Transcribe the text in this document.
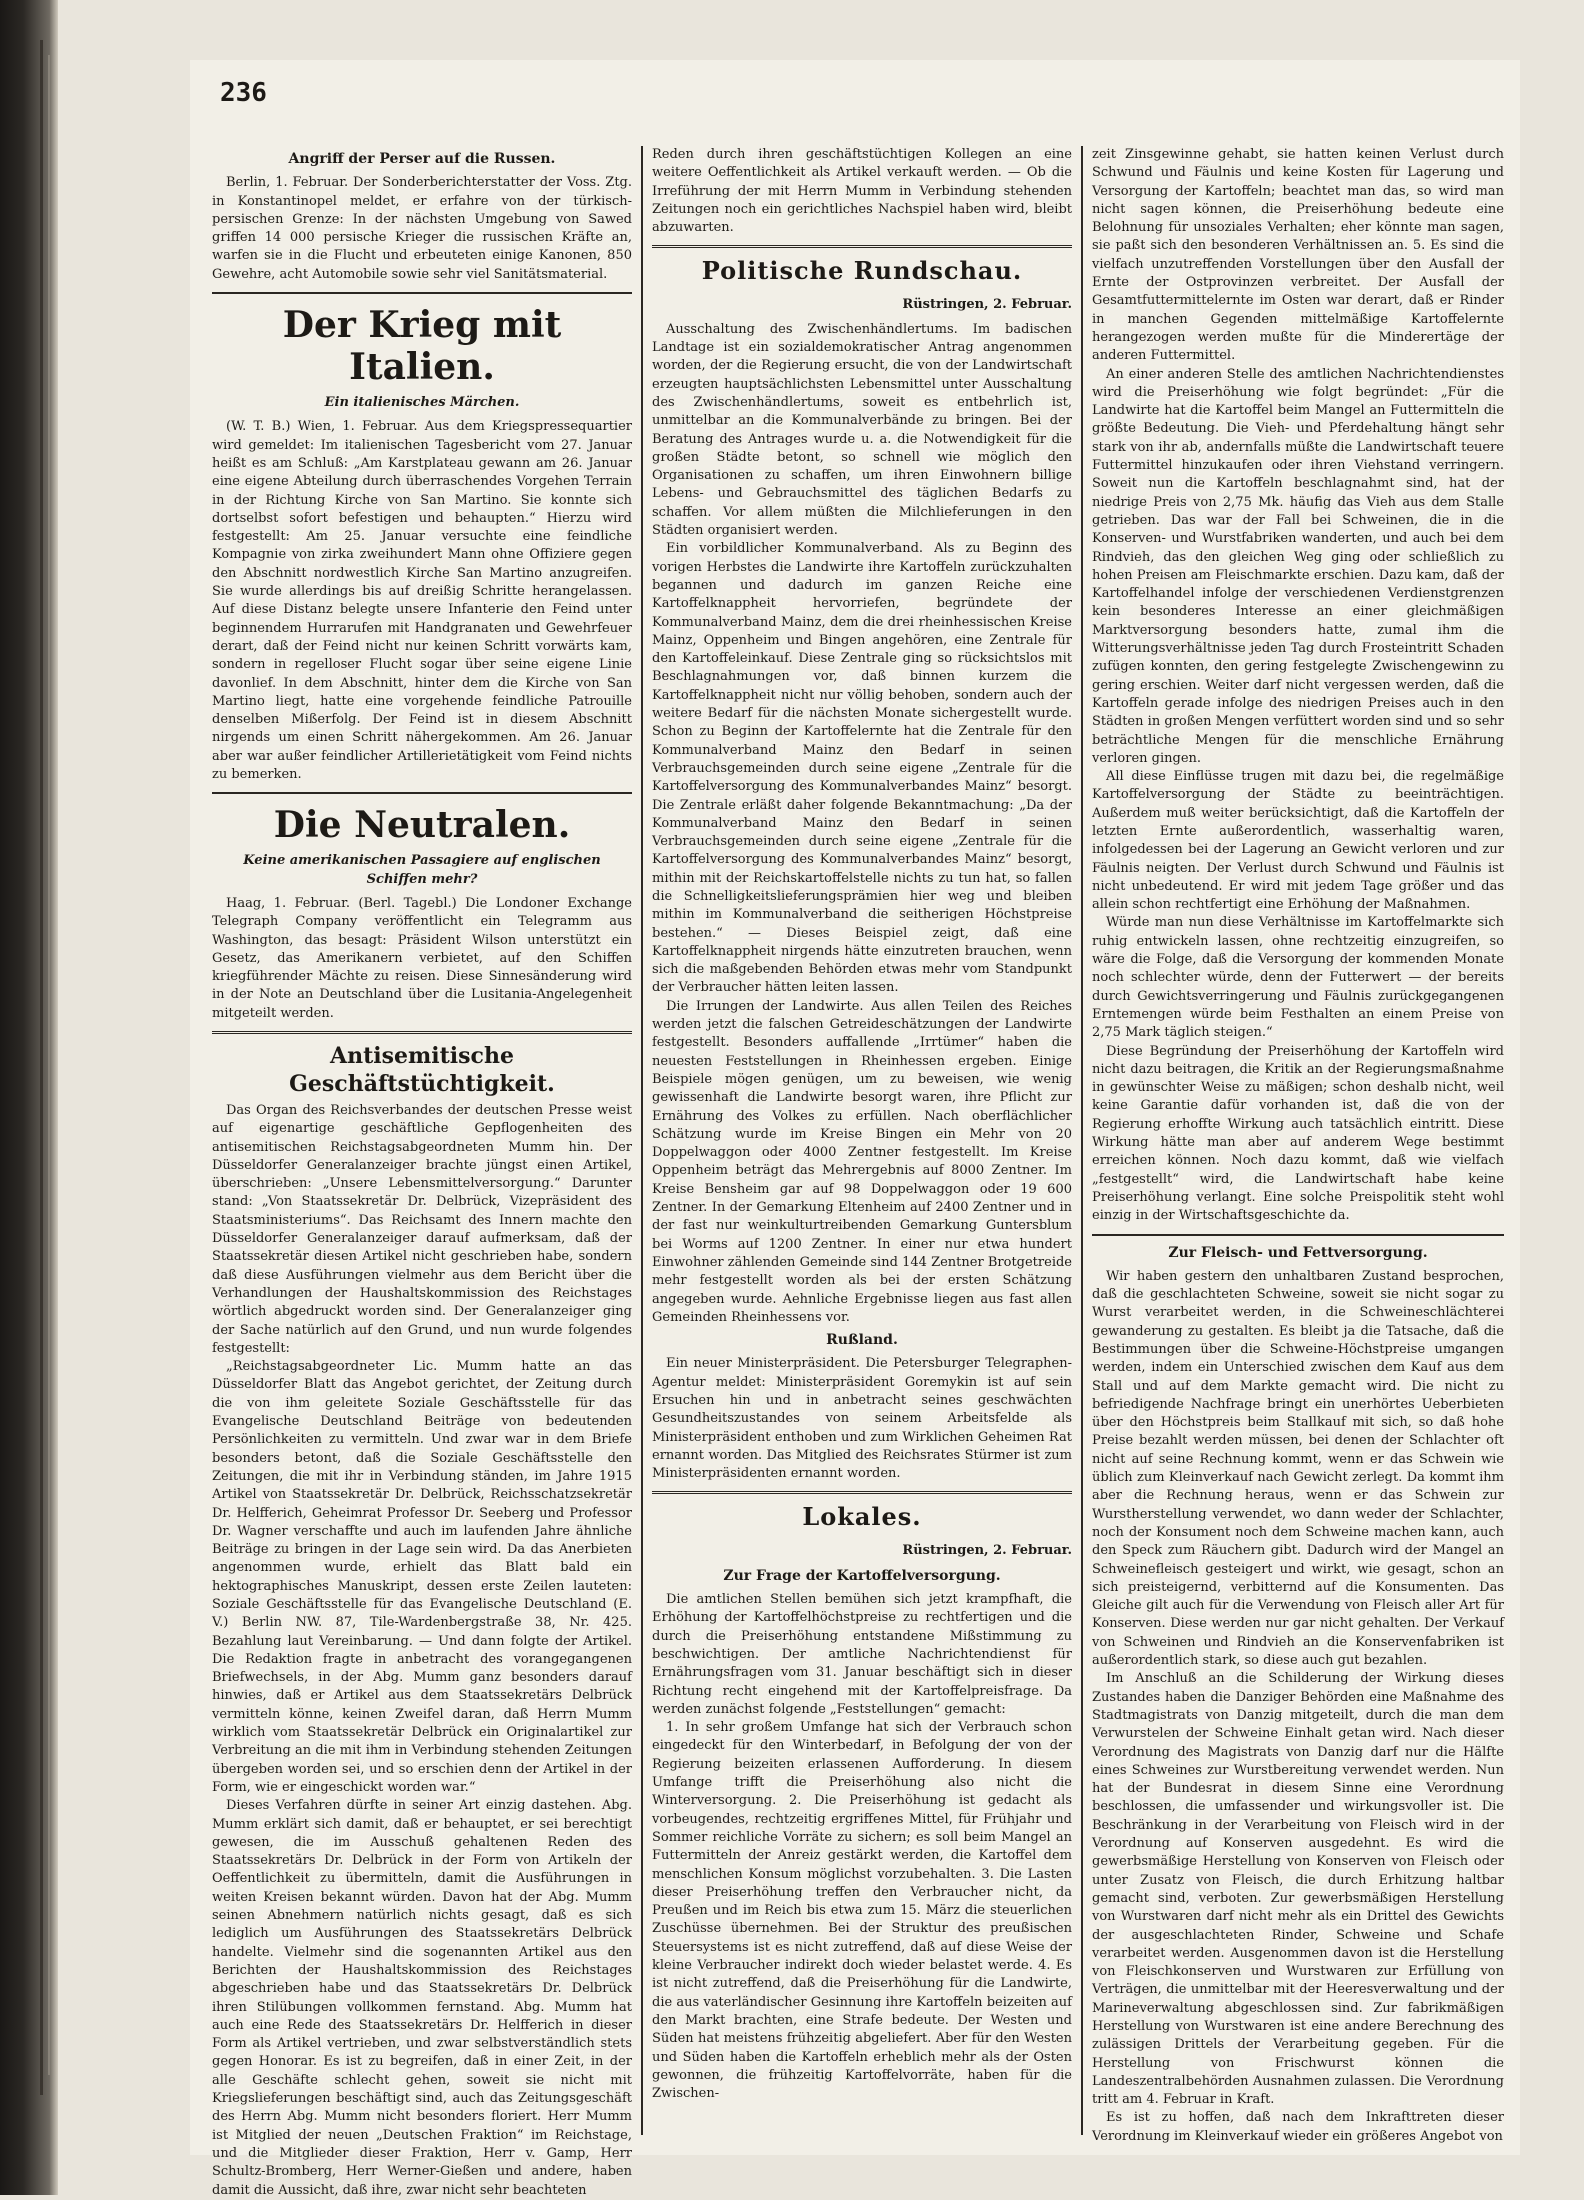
236
Angriff der Perser auf die Russen.

Berlin, 1. Februar. Der Sonderberichterstatter der Voss. Ztg. in Konstantinopel meldet, er erfahre von der türkisch-persischen Grenze: In der nächsten Umgebung von Sawed griffen 14 000 persische Krieger die russischen Kräfte an, warfen sie in die Flucht und erbeuteten einige Kanonen, 850 Gewehre, acht Automobile sowie sehr viel Sanitätsmaterial.

Der Krieg mit Italien.
Ein italienisches Märchen.

(W. T. B.) Wien, 1. Februar. Aus dem Kriegspressequartier wird gemeldet: Im italienischen Tagesbericht vom 27. Januar heißt es am Schluß: „Am Karstplateau gewann am 26. Januar eine eigene Abteilung durch überraschendes Vorgehen Terrain in der Richtung Kirche von San Martino. Sie konnte sich dortselbst sofort befestigen und behaupten.“ Hierzu wird festgestellt: Am 25. Januar versuchte eine feindliche Kompagnie von zirka zweihundert Mann ohne Offiziere gegen den Abschnitt nordwestlich Kirche San Martino anzugreifen. Sie wurde allerdings bis auf dreißig Schritte herangelassen. Auf diese Distanz belegte unsere Infanterie den Feind unter beginnendem Hurrarufen mit Handgranaten und Gewehrfeuer derart, daß der Feind nicht nur keinen Schritt vorwärts kam, sondern in regelloser Flucht sogar über seine eigene Linie davonlief. In dem Abschnitt, hinter dem die Kirche von San Martino liegt, hatte eine vorgehende feindliche Patrouille denselben Mißerfolg. Der Feind ist in diesem Abschnitt nirgends um einen Schritt nähergekommen. Am 26. Januar aber war außer feindlicher Artillerietätigkeit vom Feind nichts zu bemerken.

Die Neutralen.
Keine amerikanischen Passagiere auf englischen Schiffen mehr?

Haag, 1. Februar. (Berl. Tagebl.) Die Londoner Exchange Telegraph Company veröffentlicht ein Telegramm aus Washington, das besagt: Präsident Wilson unterstützt ein Gesetz, das Amerikanern verbietet, auf den Schiffen kriegführender Mächte zu reisen. Diese Sinnesänderung wird in der Note an Deutschland über die Lusitania-Angelegenheit mitgeteilt werden.

Antisemitische Geschäftstüchtigkeit.

Das Organ des Reichsverbandes der deutschen Presse weist auf eigenartige geschäftliche Gepflogenheiten des antisemitischen Reichstagsabgeordneten Mumm hin. Der Düsseldorfer Generalanzeiger brachte jüngst einen Artikel, überschrieben: „Unsere Lebensmittelversorgung.“ Darunter stand: „Von Staatssekretär Dr. Delbrück, Vizepräsident des Staatsministeriums“. Das Reichsamt des Innern machte den Düsseldorfer Generalanzeiger darauf aufmerksam, daß der Staatssekretär diesen Artikel nicht geschrieben habe, sondern daß diese Ausführungen vielmehr aus dem Bericht über die Verhandlungen der Haushaltskommission des Reichstages wörtlich abgedruckt worden sind. Der Generalanzeiger ging der Sache natürlich auf den Grund, und nun wurde folgendes festgestellt:

„Reichstagsabgeordneter Lic. Mumm hatte an das Düsseldorfer Blatt das Angebot gerichtet, der Zeitung durch die von ihm geleitete Soziale Geschäftsstelle für das Evangelische Deutschland Beiträge von bedeutenden Persönlichkeiten zu vermitteln. Und zwar war in dem Briefe besonders betont, daß die Soziale Geschäftsstelle den Zeitungen, die mit ihr in Verbindung ständen, im Jahre 1915 Artikel von Staatssekretär Dr. Delbrück, Reichsschatzsekretär Dr. Helfferich, Geheimrat Professor Dr. Seeberg und Professor Dr. Wagner verschaffte und auch im laufenden Jahre ähnliche Beiträge zu bringen in der Lage sein wird. Da das Anerbieten angenommen wurde, erhielt das Blatt bald ein hektographisches Manuskript, dessen erste Zeilen lauteten: Soziale Geschäftsstelle für das Evangelische Deutschland (E. V.) Berlin NW. 87, Tile-Wardenbergstraße 38, Nr. 425. Bezahlung laut Vereinbarung. — Und dann folgte der Artikel. Die Redaktion fragte in anbetracht des vorangegangenen Briefwechsels, in der Abg. Mumm ganz besonders darauf hinwies, daß er Artikel aus dem Staatssekretärs Delbrück vermitteln könne, keinen Zweifel daran, daß Herrn Mumm wirklich vom Staatssekretär Delbrück ein Originalartikel zur Verbreitung an die mit ihm in Verbindung stehenden Zeitungen übergeben worden sei, und so erschien denn der Artikel in der Form, wie er eingeschickt worden war.“

Dieses Verfahren dürfte in seiner Art einzig dastehen. Abg. Mumm erklärt sich damit, daß er behauptet, er sei berechtigt gewesen, die im Ausschuß gehaltenen Reden des Staatssekretärs Dr. Delbrück in der Form von Artikeln der Oeffentlichkeit zu übermitteln, damit die Ausführungen in weiten Kreisen bekannt würden. Davon hat der Abg. Mumm seinen Abnehmern natürlich nichts gesagt, daß es sich lediglich um Ausführungen des Staatssekretärs Delbrück handelte. Vielmehr sind die sogenannten Artikel aus den Berichten der Haushaltskommission des Reichstages abgeschrieben habe und das Staatssekretärs Dr. Delbrück ihren Stilübungen vollkommen fernstand. Abg. Mumm hat auch eine Rede des Staatssekretärs Dr. Helfferich in dieser Form als Artikel vertrieben, und zwar selbstverständlich stets gegen Honorar. Es ist zu begreifen, daß in einer Zeit, in der alle Geschäfte schlecht gehen, soweit sie nicht mit Kriegslieferungen beschäftigt sind, auch das Zeitungsgeschäft des Herrn Abg. Mumm nicht besonders floriert. Herr Mumm ist Mitglied der neuen „Deutschen Fraktion“ im Reichstage, und die Mitglieder dieser Fraktion, Herr v. Gamp, Herr Schultz-Bromberg, Herr Werner-Gießen und andere, haben damit die Aussicht, daß ihre, zwar nicht sehr beachteten

Reden durch ihren geschäftstüchtigen Kollegen an eine weitere Oeffentlichkeit als Artikel verkauft werden. — Ob die Irreführung der mit Herrn Mumm in Verbindung stehenden Zeitungen noch ein gerichtliches Nachspiel haben wird, bleibt abzuwarten.

Politische Rundschau.
Rüstringen, 2. Februar.

Ausschaltung des Zwischenhändlertums. Im badischen Landtage ist ein sozialdemokratischer Antrag angenommen worden, der die Regierung ersucht, die von der Landwirtschaft erzeugten hauptsächlichsten Lebensmittel unter Ausschaltung des Zwischenhändlertums, soweit es entbehrlich ist, unmittelbar an die Kommunalverbände zu bringen. Bei der Beratung des Antrages wurde u. a. die Notwendigkeit für die großen Städte betont, so schnell wie möglich den Organisationen zu schaffen, um ihren Einwohnern billige Lebens- und Gebrauchsmittel des täglichen Bedarfs zu schaffen. Vor allem müßten die Milchlieferungen in den Städten organisiert werden.

Ein vorbildlicher Kommunalverband. Als zu Beginn des vorigen Herbstes die Landwirte ihre Kartoffeln zurückzuhalten begannen und dadurch im ganzen Reiche eine Kartoffelknappheit hervorriefen, begründete der Kommunalverband Mainz, dem die drei rheinhessischen Kreise Mainz, Oppenheim und Bingen angehören, eine Zentrale für den Kartoffeleinkauf. Diese Zentrale ging so rücksichtslos mit Beschlagnahmungen vor, daß binnen kurzem die Kartoffelknappheit nicht nur völlig behoben, sondern auch der weitere Bedarf für die nächsten Monate sichergestellt wurde. Schon zu Beginn der Kartoffelernte hat die Zentrale für den Kommunalverband Mainz den Bedarf in seinen Verbrauchsgemeinden durch seine eigene „Zentrale für die Kartoffelversorgung des Kommunalverbandes Mainz“ besorgt. Die Zentrale erläßt daher folgende Bekanntmachung: „Da der Kommunalverband Mainz den Bedarf in seinen Verbrauchsgemeinden durch seine eigene „Zentrale für die Kartoffelversorgung des Kommunalverbandes Mainz“ besorgt, mithin mit der Reichskartoffelstelle nichts zu tun hat, so fallen die Schnelligkeitslieferungsprämien hier weg und bleiben mithin im Kommunalverband die seitherigen Höchstpreise bestehen.“ — Dieses Beispiel zeigt, daß eine Kartoffelknappheit nirgends hätte einzutreten brauchen, wenn sich die maßgebenden Behörden etwas mehr vom Standpunkt der Verbraucher hätten leiten lassen.

Die Irrungen der Landwirte. Aus allen Teilen des Reiches werden jetzt die falschen Getreideschätzungen der Landwirte festgestellt. Besonders auffallende „Irrtümer“ haben die neuesten Feststellungen in Rheinhessen ergeben. Einige Beispiele mögen genügen, um zu beweisen, wie wenig gewissenhaft die Landwirte besorgt waren, ihre Pflicht zur Ernährung des Volkes zu erfüllen. Nach oberflächlicher Schätzung wurde im Kreise Bingen ein Mehr von 20 Doppelwaggon oder 4000 Zentner festgestellt. Im Kreise Oppenheim beträgt das Mehrergebnis auf 8000 Zentner. Im Kreise Bensheim gar auf 98 Doppelwaggon oder 19 600 Zentner. In der Gemarkung Eltenheim auf 2400 Zentner und in der fast nur weinkulturtreibenden Gemarkung Guntersblum bei Worms auf 1200 Zentner. In einer nur etwa hundert Einwohner zählenden Gemeinde sind 144 Zentner Brotgetreide mehr festgestellt worden als bei der ersten Schätzung angegeben wurde. Aehnliche Ergebnisse liegen aus fast allen Gemeinden Rheinhessens vor.

Rußland.

Ein neuer Ministerpräsident. Die Petersburger Telegraphen-Agentur meldet: Ministerpräsident Goremykin ist auf sein Ersuchen hin und in anbetracht seines geschwächten Gesundheitszustandes von seinem Arbeitsfelde als Ministerpräsident enthoben und zum Wirklichen Geheimen Rat ernannt worden. Das Mitglied des Reichsrates Stürmer ist zum Ministerpräsidenten ernannt worden.

Lokales.
Rüstringen, 2. Februar.
Zur Frage der Kartoffelversorgung.

Die amtlichen Stellen bemühen sich jetzt krampfhaft, die Erhöhung der Kartoffelhöchstpreise zu rechtfertigen und die durch die Preiserhöhung entstandene Mißstimmung zu beschwichtigen. Der amtliche Nachrichtendienst für Ernährungsfragen vom 31. Januar beschäftigt sich in dieser Richtung recht eingehend mit der Kartoffelpreisfrage. Da werden zunächst folgende „Feststellungen“ gemacht:

1. In sehr großem Umfange hat sich der Verbrauch schon eingedeckt für den Winterbedarf, in Befolgung der von der Regierung beizeiten erlassenen Aufforderung. In diesem Umfange trifft die Preiserhöhung also nicht die Winterversorgung. 2. Die Preiserhöhung ist gedacht als vorbeugendes, rechtzeitig ergriffenes Mittel, für Frühjahr und Sommer reichliche Vorräte zu sichern; es soll beim Mangel an Futtermitteln der Anreiz gestärkt werden, die Kartoffel dem menschlichen Konsum möglichst vorzubehalten. 3. Die Lasten dieser Preiserhöhung treffen den Verbraucher nicht, da Preußen und im Reich bis etwa zum 15. März die steuerlichen Zuschüsse übernehmen. Bei der Struktur des preußischen Steuersystems ist es nicht zutreffend, daß auf diese Weise der kleine Verbraucher indirekt doch wieder belastet werde. 4. Es ist nicht zutreffend, daß die Preiserhöhung für die Landwirte, die aus vaterländischer Gesinnung ihre Kartoffeln beizeiten auf den Markt brachten, eine Strafe bedeute. Der Westen und Süden hat meistens frühzeitig abgeliefert. Aber für den Westen und Süden haben die Kartoffeln erheblich mehr als der Osten gewonnen, die frühzeitig Kartoffelvorräte, haben für die Zwischen-

zeit Zinsgewinne gehabt, sie hatten keinen Verlust durch Schwund und Fäulnis und keine Kosten für Lagerung und Versorgung der Kartoffeln; beachtet man das, so wird man nicht sagen können, die Preiserhöhung bedeute eine Belohnung für unsoziales Verhalten; eher könnte man sagen, sie paßt sich den besonderen Verhältnissen an. 5. Es sind die vielfach unzutreffenden Vorstellungen über den Ausfall der Ernte der Ostprovinzen verbreitet. Der Ausfall der Gesamtfuttermittelernte im Osten war derart, daß er Rinder in manchen Gegenden mittelmäßige Kartoffelernte herangezogen werden mußte für die Minderertäge der anderen Futtermittel.

An einer anderen Stelle des amtlichen Nachrichtendienstes wird die Preiserhöhung wie folgt begründet: „Für die Landwirte hat die Kartoffel beim Mangel an Futtermitteln die größte Bedeutung. Die Vieh- und Pferdehaltung hängt sehr stark von ihr ab, andernfalls müßte die Landwirtschaft teuere Futtermittel hinzukaufen oder ihren Viehstand verringern. Soweit nun die Kartoffeln beschlagnahmt sind, hat der niedrige Preis von 2,75 Mk. häufig das Vieh aus dem Stalle getrieben. Das war der Fall bei Schweinen, die in die Konserven- und Wurstfabriken wanderten, und auch bei dem Rindvieh, das den gleichen Weg ging oder schließlich zu hohen Preisen am Fleischmarkte erschien. Dazu kam, daß der Kartoffelhandel infolge der verschiedenen Verdienstgrenzen kein besonderes Interesse an einer gleichmäßigen Marktversorgung besonders hatte, zumal ihm die Witterungsverhältnisse jeden Tag durch Frosteintritt Schaden zufügen konnten, den gering festgelegte Zwischengewinn zu gering erschien. Weiter darf nicht vergessen werden, daß die Kartoffeln gerade infolge des niedrigen Preises auch in den Städten in großen Mengen verfüttert worden sind und so sehr beträchtliche Mengen für die menschliche Ernährung verloren gingen.

All diese Einflüsse trugen mit dazu bei, die regelmäßige Kartoffelversorgung der Städte zu beeinträchtigen. Außerdem muß weiter berücksichtigt, daß die Kartoffeln der letzten Ernte außerordentlich, wasserhaltig waren, infolgedessen bei der Lagerung an Gewicht verloren und zur Fäulnis neigten. Der Verlust durch Schwund und Fäulnis ist nicht unbedeutend. Er wird mit jedem Tage größer und das allein schon rechtfertigt eine Erhöhung der Maßnahmen.

Würde man nun diese Verhältnisse im Kartoffelmarkte sich ruhig entwickeln lassen, ohne rechtzeitig einzugreifen, so wäre die Folge, daß die Versorgung der kommenden Monate noch schlechter würde, denn der Futterwert — der bereits durch Gewichtsverringerung und Fäulnis zurückgegangenen Erntemengen würde beim Festhalten an einem Preise von 2,75 Mark täglich steigen.“

Diese Begründung der Preiserhöhung der Kartoffeln wird nicht dazu beitragen, die Kritik an der Regierungsmaßnahme in gewünschter Weise zu mäßigen; schon deshalb nicht, weil keine Garantie dafür vorhanden ist, daß die von der Regierung erhoffte Wirkung auch tatsächlich eintritt. Diese Wirkung hätte man aber auf anderem Wege bestimmt erreichen können. Noch dazu kommt, daß wie vielfach „festgestellt“ wird, die Landwirtschaft habe keine Preiserhöhung verlangt. Eine solche Preispolitik steht wohl einzig in der Wirtschaftsgeschichte da.

Zur Fleisch- und Fettversorgung.

Wir haben gestern den unhaltbaren Zustand besprochen, daß die geschlachteten Schweine, soweit sie nicht sogar zu Wurst verarbeitet werden, in die Schweineschlächterei gewanderung zu gestalten. Es bleibt ja die Tatsache, daß die Bestimmungen über die Schweine-Höchstpreise umgangen werden, indem ein Unterschied zwischen dem Kauf aus dem Stall und auf dem Markte gemacht wird. Die nicht zu befriedigende Nachfrage bringt ein unerhörtes Ueberbieten über den Höchstpreis beim Stallkauf mit sich, so daß hohe Preise bezahlt werden müssen, bei denen der Schlachter oft nicht auf seine Rechnung kommt, wenn er das Schwein wie üblich zum Kleinverkauf nach Gewicht zerlegt. Da kommt ihm aber die Rechnung heraus, wenn er das Schwein zur Wurstherstellung verwendet, wo dann weder der Schlachter, noch der Konsument noch dem Schweine machen kann, auch den Speck zum Räuchern gibt. Dadurch wird der Mangel an Schweinefleisch gesteigert und wirkt, wie gesagt, schon an sich preisteigernd, verbitternd auf die Konsumenten. Das Gleiche gilt auch für die Verwendung von Fleisch aller Art für Konserven. Diese werden nur gar nicht gehalten. Der Verkauf von Schweinen und Rindvieh an die Konservenfabriken ist außerordentlich stark, so diese auch gut bezahlen.

Im Anschluß an die Schilderung der Wirkung dieses Zustandes haben die Danziger Behörden eine Maßnahme des Stadtmagistrats von Danzig mitgeteilt, durch die man dem Verwurstelen der Schweine Einhalt getan wird. Nach dieser Verordnung des Magistrats von Danzig darf nur die Hälfte eines Schweines zur Wurstbereitung verwendet werden. Nun hat der Bundesrat in diesem Sinne eine Verordnung beschlossen, die umfassender und wirkungsvoller ist. Die Beschränkung in der Verarbeitung von Fleisch wird in der Verordnung auf Konserven ausgedehnt. Es wird die gewerbsmäßige Herstellung von Konserven von Fleisch oder unter Zusatz von Fleisch, die durch Erhitzung haltbar gemacht sind, verboten. Zur gewerbsmäßigen Herstellung von Wurstwaren darf nicht mehr als ein Drittel des Gewichts der ausgeschlachteten Rinder, Schweine und Schafe verarbeitet werden. Ausgenommen davon ist die Herstellung von Fleischkonserven und Wurstwaren zur Erfüllung von Verträgen, die unmittelbar mit der Heeresverwaltung und der Marineverwaltung abgeschlossen sind. Zur fabrikmäßigen Herstellung von Wurstwaren ist eine andere Berechnung des zulässigen Drittels der Verarbeitung gegeben. Für die Herstellung von Frischwurst können die Landeszentralbehörden Ausnahmen zulassen. Die Verordnung tritt am 4. Februar in Kraft.

Es ist zu hoffen, daß nach dem Inkrafttreten dieser Verordnung im Kleinverkauf wieder ein größeres Angebot von
